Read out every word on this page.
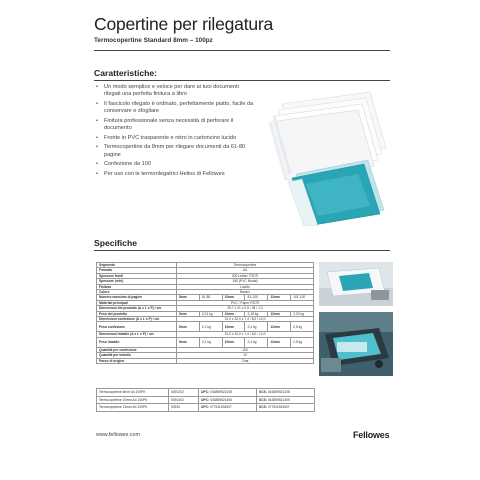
Copertine per rilegatura
Termocopertine Standard 8mm – 100pz
Caratteristiche:
• Un modo semplice e veloce per dare ai tuoi documenti rilegati una perfetta finitura a libro
• Il fascicolo rilegato è ordinato, perfettamente piatto, facile da conservare e sfogliare
• Finitura professionale senza necessità di perforare il documento
• Fronte in PVC trasparente e retro in cartoncino lucido
• Termocopertine da 8mm per rilegare documenti da 61-80 pagine
• Confezione da 100
• Per uso con le termorilegatrici Helios di Fellowes
Specifiche
Segmento	Termocopertine					
Formato	A4					
Spessore fronti	200 Lettori: FSC®					
Spessore (retri)	150 (PVC Nodal)					
Finitura	Lucido					
Colore	Bianco					
Numero massimo di pagine	8mm	61-80	10mm	81-100	12mm	101-120
Materiali principali	PVC / Paper FSC®					
Dimensioni del prodotto (A x L x P) / cm	29,7 x 21 x 0,5 / 28 / 1,3					
Peso del prodotto	8mm	2,01 kg	10mm	2,18 kg	12mm	2,32 kg
Dimensioni confezione (A x L x P) / cm	31,0 x 32,0 x 7,4 / 8,0 / 12,0					
Peso confezione	8mm	2,1 kg	10mm	2,4 kg	12mm	2,5 kg
Dimensioni imballo (A x L x P) / cm	31,0 x 32,0 x 7,4 / 8,0 / 12,0					
Peso imballo	8mm	2,1 kg	10mm	2,4 kg	12mm	2,5 kg
Quantità per confezione	100					
Quantità per imballo	10					
Paese di origine	Cina					
Termocopertine 8mm A4 100PK	5391202	UPC: 043859521208	SCS: 043859521208
Termocopertine 10mm A4 100PK	5391402	UPC: 043859521405	SCS: 043859521405
Termocopertine 12mm A4 100PK	53910	UPC: 077511534507	SCS: 077511534507
www.fellowes.com	Fellowes
